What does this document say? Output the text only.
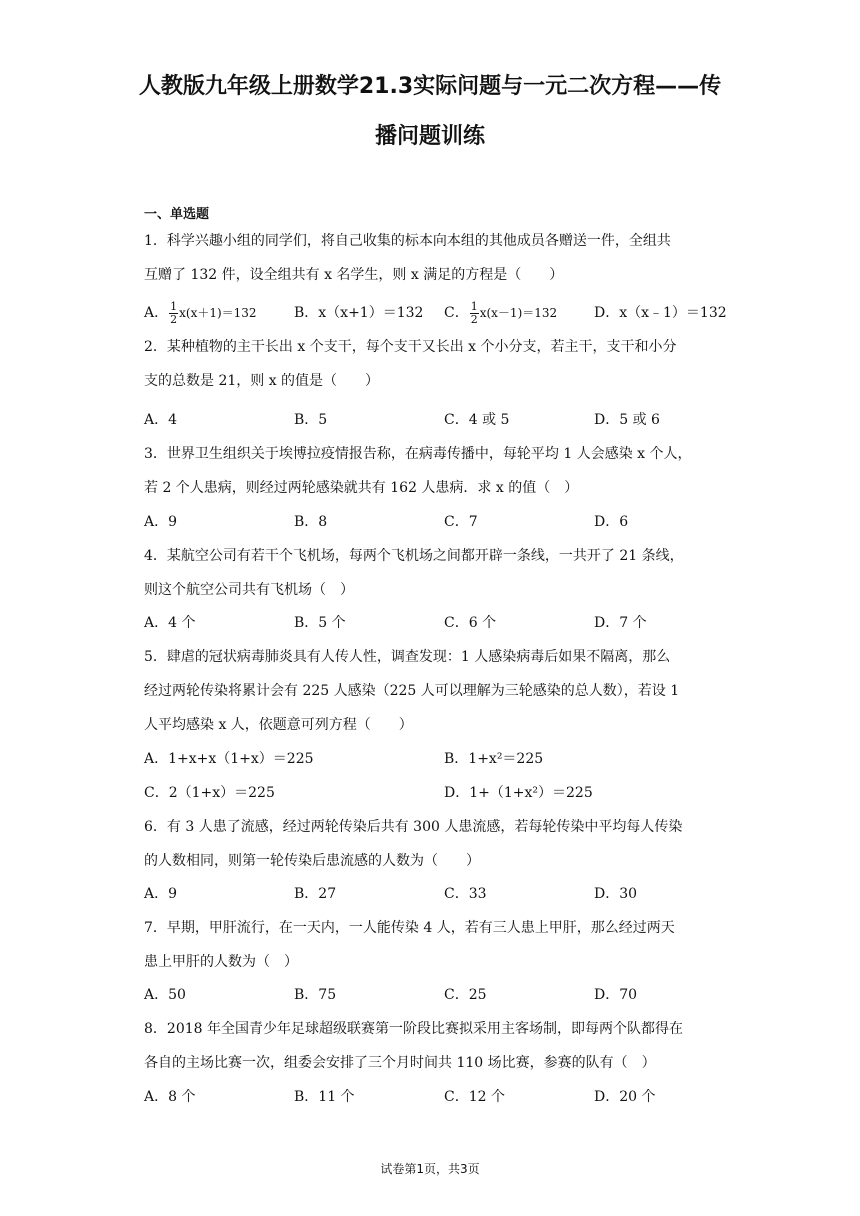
人教版九年级上册数学21.3实际问题与一元二次方程——传
播问题训练
一、单选题
1．科学兴趣小组的同学们，将自己收集的标本向本组的其他成员各赠送一件，全组共
互赠了 132 件，设全组共有 x 名学生，则 x 满足的方程是（　　）
A． $\frac{1}{2} x(x+1)=132$	B．x（x+1）＝132 C． $\frac{1}{2} x(x-1)=132$	D．x（x﹣1）＝132
2．某种植物的主干长出 x 个支干，每个支干又长出 x 个小分支，若主干，支干和小分
支的总数是 21，则 x 的值是（　　）
A．4	B．5	C．4 或 5	D．5 或 6
3．世界卫生组织关于埃博拉疫情报告称，在病毒传播中，每轮平均 1 人会感染 x 个人，
若 2 个人患病，则经过两轮感染就共有 162 人患病．求 x 的值（　）
A．9	B．8	C．7	D．6
4．某航空公司有若干个飞机场，每两个飞机场之间都开辟一条线，一共开了 21 条线，
则这个航空公司共有飞机场（　）
A．4 个	B．5 个	C．6 个	D．7 个
5．肆虐的冠状病毒肺炎具有人传人性，调查发现：1 人感染病毒后如果不隔离，那么
经过两轮传染将累计会有 225 人感染（225 人可以理解为三轮感染的总人数），若设 1
人平均感染 x 人，依题意可列方程（　　）
A．1+x+x（1+x）＝225	B．1+x²＝225
C．2（1+x）＝225	D．1+（1+x²）＝225
6．有 3 人患了流感，经过两轮传染后共有 300 人患流感，若每轮传染中平均每人传染
的人数相同，则第一轮传染后患流感的人数为（　　）
A．9	B．27	C．33	D．30
7．早期，甲肝流行，在一天内，一人能传染 4 人，若有三人患上甲肝，那么经过两天
患上甲肝的人数为（　）
A．50	B．75	C．25	D．70
8．2018 年全国青少年足球超级联赛第一阶段比赛拟采用主客场制，即每两个队都得在
各自的主场比赛一次，组委会安排了三个月时间共 110 场比赛，参赛的队有（　）
A．8 个	B．11 个	C．12 个	D．20 个
试卷第1页，共3页
